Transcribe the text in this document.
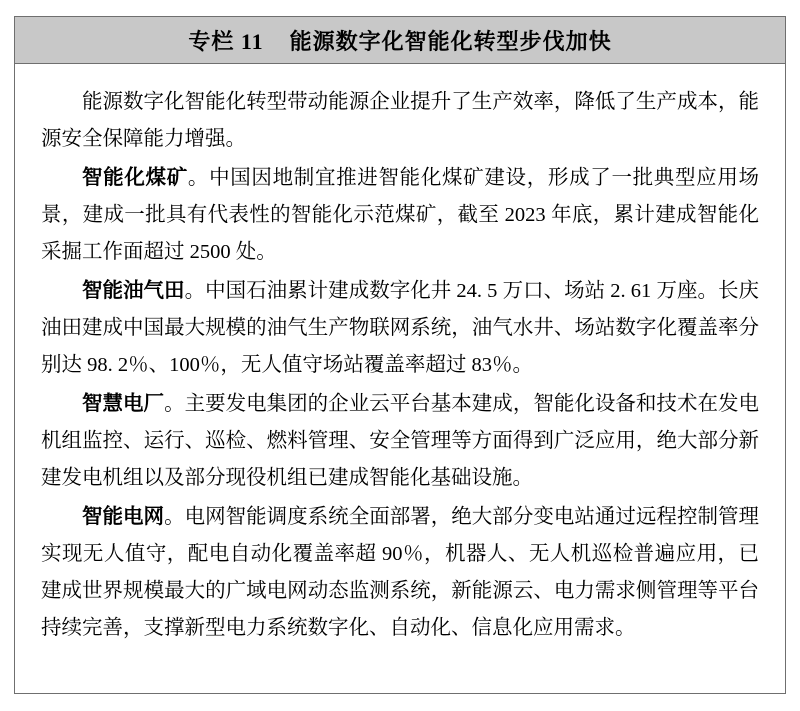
专栏 11    能源数字化智能化转型步伐加快

能源数字化智能化转型带动能源企业提升了生产效率，降低了生产成本，能源安全保障能力增强。

智能化煤矿。中国因地制宜推进智能化煤矿建设，形成了一批典型应用场景，建成一批具有代表性的智能化示范煤矿，截至 2023 年底，累计建成智能化采掘工作面超过 2500 处。

智能油气田。中国石油累计建成数字化井 24. 5 万口、场站 2. 61 万座。长庆油田建成中国最大规模的油气生产物联网系统，油气水井、场站数字化覆盖率分别达 98. 2％、100％，无人值守场站覆盖率超过 83％。

智慧电厂。主要发电集团的企业云平台基本建成，智能化设备和技术在发电机组监控、运行、巡检、燃料管理、安全管理等方面得到广泛应用，绝大部分新建发电机组以及部分现役机组已建成智能化基础设施。

智能电网。电网智能调度系统全面部署，绝大部分变电站通过远程控制管理实现无人值守，配电自动化覆盖率超 90％，机器人、无人机巡检普遍应用，已建成世界规模最大的广域电网动态监测系统，新能源云、电力需求侧管理等平台持续完善，支撑新型电力系统数字化、自动化、信息化应用需求。
